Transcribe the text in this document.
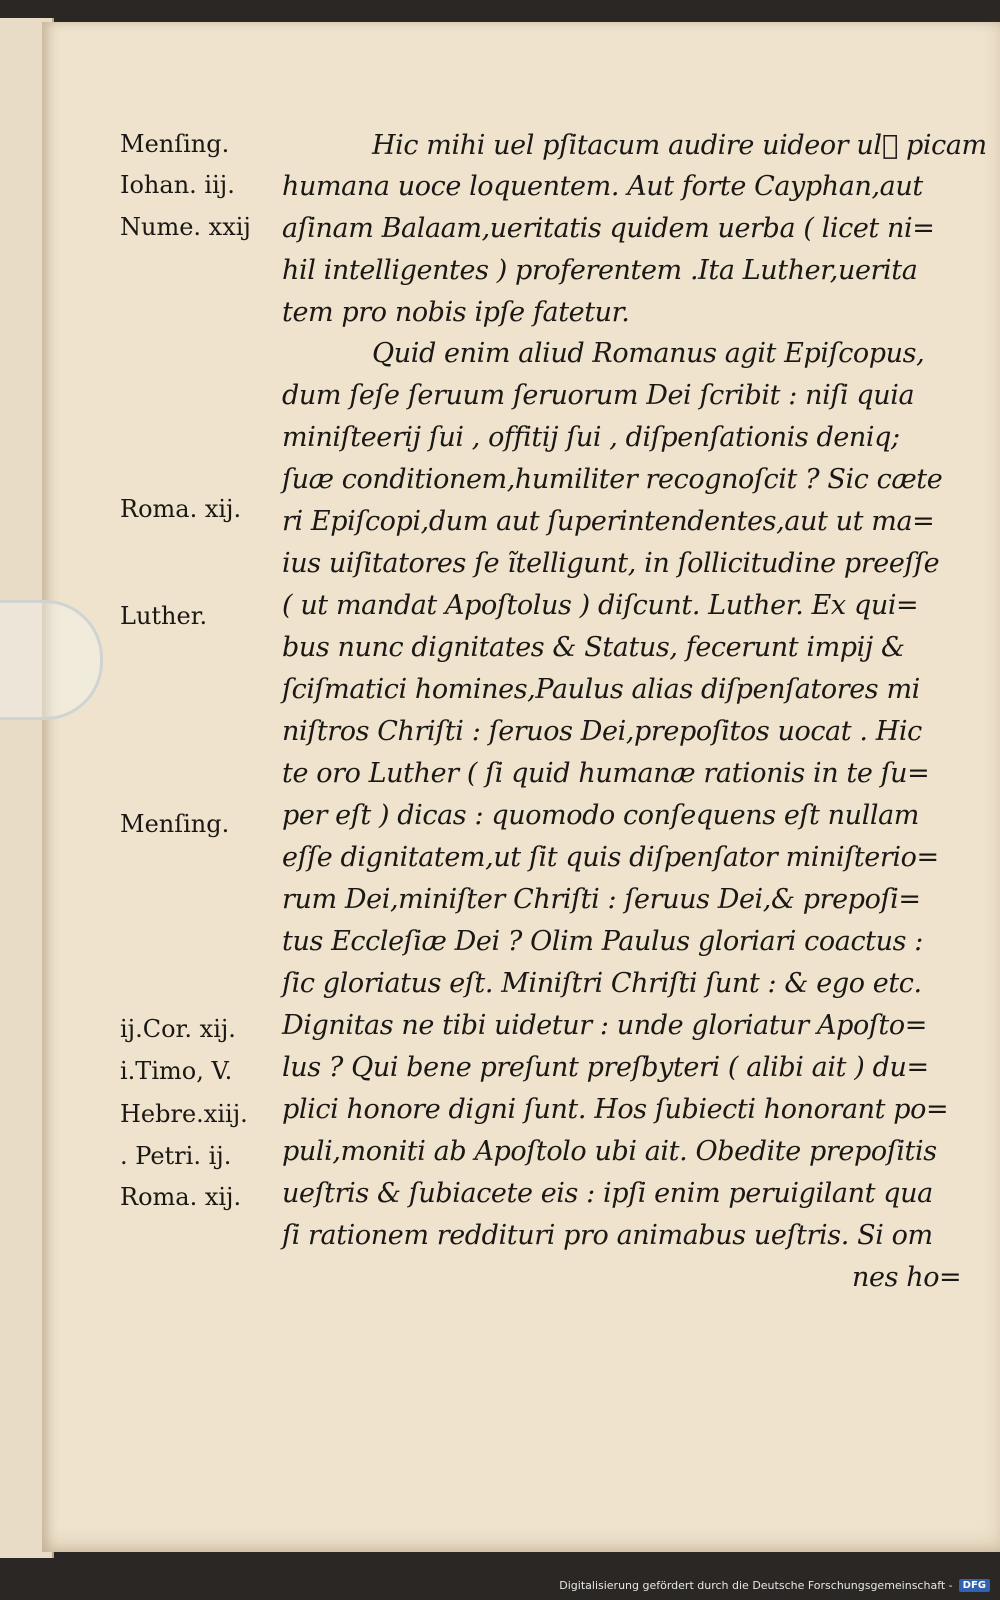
Menſing.
Iohan. iij.
Nume. xxij
Roma. xij.
Luther.
Menſing.
ij.Cor. xij.
i.Timo, V.
Hebre.xiij.
. Petri. ij.
Roma. xij.
Hic mihi uel pſitacum audire uideor ul᷑ picam
humana uoce loquentem. Aut forte Cayphan,aut
aſinam Balaam,ueritatis quidem uerba ( licet ni=
hil intelligentes ) proferentem .Ita Luther,uerita
tem pro nobis ipſe fatetur.
Quid enim aliud Romanus agit Epiſcopus,
dum ſeſe ſeruum ſeruorum Dei ſcribit : niſi quia
miniſteerij ſui , offitij ſui , diſpenſationis deniq;
ſuæ conditionem,humiliter recognoſcit ? Sic cæte
ri Epiſcopi,dum aut ſuperintendentes,aut ut ma=
ius uiſitatores ſe ĩtelligunt, in ſollicitudine preeſſe
( ut mandat Apoſtolus ) diſcunt. Luther. Ex qui=
bus nunc dignitates & Status, fecerunt impij &
ſciſmatici homines,Paulus alias diſpenſatores mi
niſtros Chriſti : ſeruos Dei,prepoſitos uocat . Hic
te oro Luther ( ſi quid humanæ rationis in te ſu=
per eſt ) dicas : quomodo conſequens eſt nullam
eſſe dignitatem,ut ſit quis diſpenſator miniſterio=
rum Dei,miniſter Chriſti : ſeruus Dei,& prepoſi=
tus Eccleſiæ Dei ? Olim Paulus gloriari coactus :
ſic gloriatus eſt. Miniſtri Chriſti ſunt : & ego etc.
Dignitas ne tibi uidetur : unde gloriatur Apoſto=
lus ? Qui bene preſunt preſbyteri ( alibi ait ) du=
plici honore digni ſunt. Hos ſubiecti honorant po=
puli,moniti ab Apoſtolo ubi ait. Obedite prepoſitis
ueſtris & ſubiacete eis : ipſi enim peruigilant qua
ſi rationem reddituri pro animabus ueſtris. Si om
nes ho=
Digitalisierung gefördert durch die Deutsche Forschungsgemeinschaft -	DFG
